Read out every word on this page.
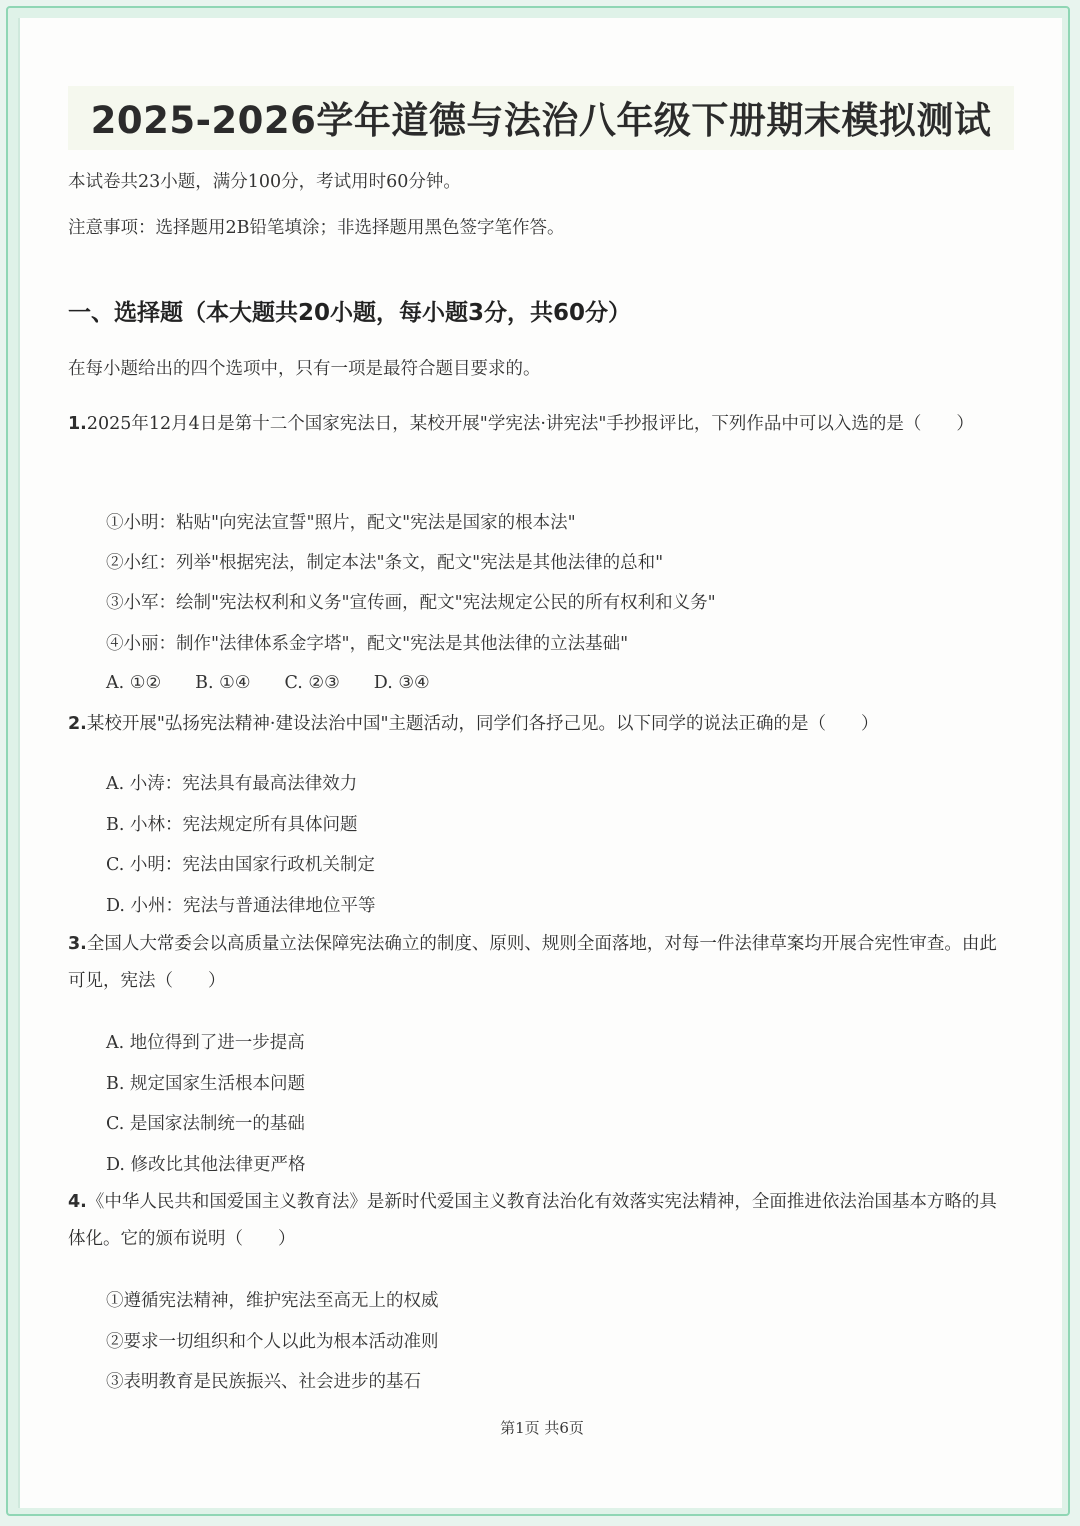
2025-2026学年道德与法治八年级下册期末模拟测试
本试卷共23小题，满分100分，考试用时60分钟。
注意事项：选择题用2B铅笔填涂；非选择题用黑色签字笔作答。
一、选择题（本大题共20小题，每小题3分，共60分）
在每小题给出的四个选项中，只有一项是最符合题目要求的。
1.2025年12月4日是第十二个国家宪法日，某校开展"学宪法·讲宪法"手抄报评比，下列作品中可以入选的是（　　）
①小明：粘贴"向宪法宣誓"照片，配文"宪法是国家的根本法"
②小红：列举"根据宪法，制定本法"条文，配文"宪法是其他法律的总和"
③小军：绘制"宪法权利和义务"宣传画，配文"宪法规定公民的所有权利和义务"
④小丽：制作"法律体系金字塔"，配文"宪法是其他法律的立法基础"
A. ①② B. ①④ C. ②③ D. ③④
2.某校开展"弘扬宪法精神·建设法治中国"主题活动，同学们各抒己见。以下同学的说法正确的是（　　）
A. 小涛：宪法具有最高法律效力
B. 小林：宪法规定所有具体问题
C. 小明：宪法由国家行政机关制定
D. 小州：宪法与普通法律地位平等
3.全国人大常委会以高质量立法保障宪法确立的制度、原则、规则全面落地，对每一件法律草案均开展合宪性审查。由此可见，宪法（　　）
A. 地位得到了进一步提高
B. 规定国家生活根本问题
C. 是国家法制统一的基础
D. 修改比其他法律更严格
4.《中华人民共和国爱国主义教育法》是新时代爱国主义教育法治化有效落实宪法精神，全面推进依法治国基本方略的具体化。它的颁布说明（　　）
①遵循宪法精神，维护宪法至高无上的权威
②要求一切组织和个人以此为根本活动准则
③表明教育是民族振兴、社会进步的基石
第1页 共6页
